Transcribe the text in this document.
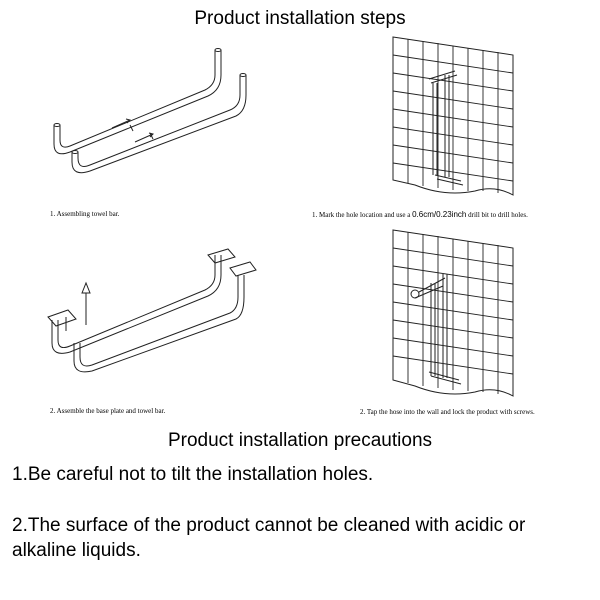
Product installation steps
1. Assembling towel bar.	1. Mark the hole location and use a 0.6cm/0.23inch drill bit to drill holes.
2. Assemble the base plate and towel bar.	2. Tap the hose into the wall and lock the product with screws.
Product installation precautions
1.Be careful not to tilt the installation holes.
2.The surface of the product cannot be cleaned with acidic or alkaline liquids.
